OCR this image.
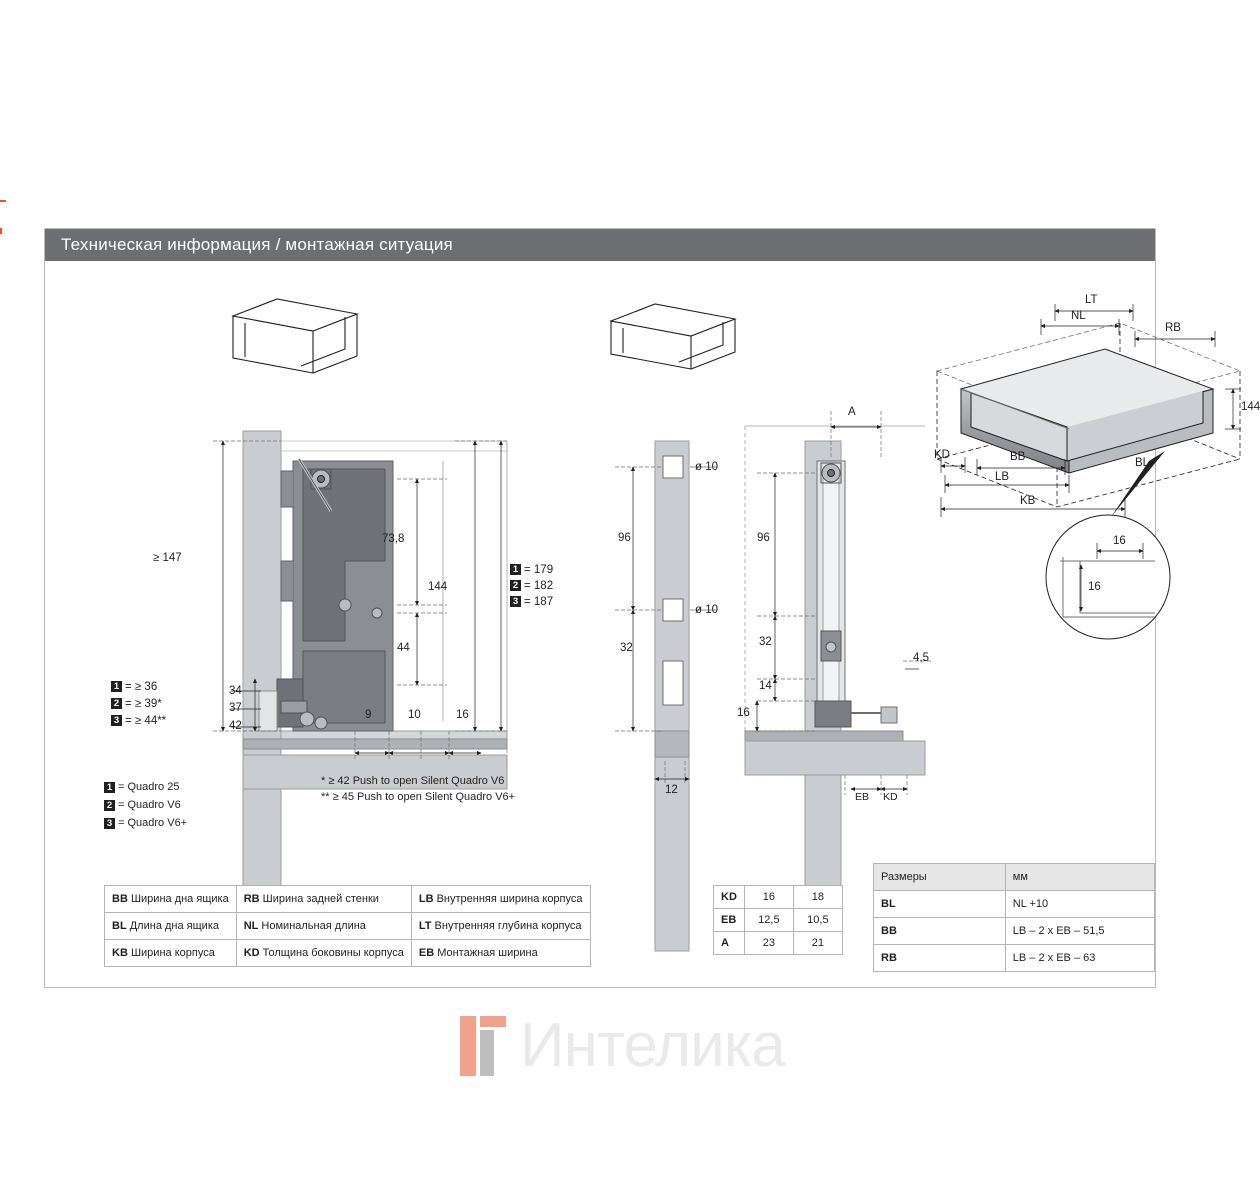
Техническая информация / монтажная ситуация
≥ 147
73,8
144
44
9	10	16
34
37
42
1 = 179
2 = 182
3 = 187
1 = ≥ 36
2 = ≥ 39*
3 = ≥ 44**
96
32
ø 10
ø 10
12
A
96
32
14
16
4,5
EB KD
LT
NL
RB
144
KD	BB	BL
LB
KB
16
16
1 = Quadro 25
2 = Quadro V6
3 = Quadro V6+
* ≥ 42 Push to open Silent Quadro V6
** ≥ 45 Push to open Silent Quadro V6+
Интелика
BB Ширина дна ящика	RB Ширина задней стенки	LB Внутренняя ширина корпуса
BL Длина дна ящика	NL Номинальная длина	LT Внутренняя глубина корпуса
KB Ширина корпуса	KD Толщина боковины корпуса	EB Монтажная ширина
KD	16	18
EB	12,5	10,5
A	23	21
Размеры	мм
BL	NL +10
BB	LB – 2 x EB – 51,5
RB	LB – 2 x EB – 63
